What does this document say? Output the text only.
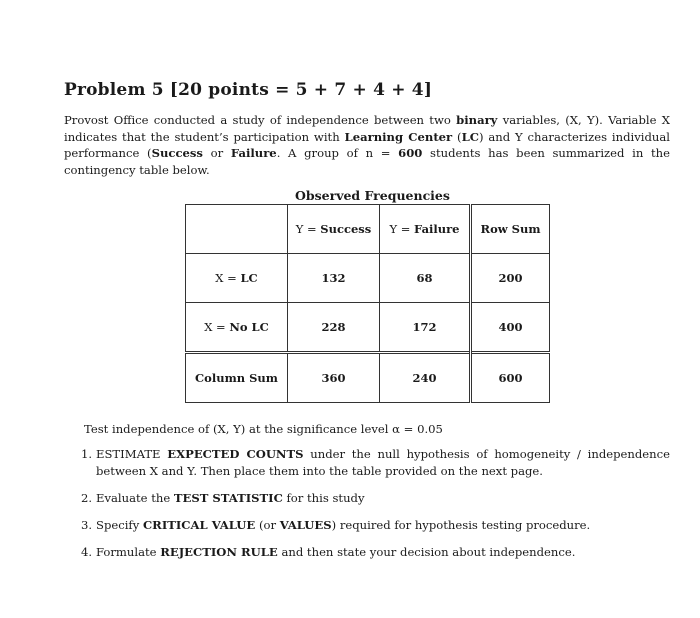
Problem 5 [20 points = 5 + 7 + 4 + 4]
Provost Office conducted a study of independence between two binary variables, (X, Y). Variable X indicates that the student’s participation with Learning Center (LC) and Y characterizes individual performance (Success or Failure. A group of n = 600 students has been summarized in the contingency table below.
Observed Frequencies
	Y = Success	Y = Failure	Row Sum
X = LC	132	68	200
X = No LC	228	172	400
Column Sum	360	240	600
Test independence of (X, Y) at the significance level α = 0.05
1. ESTIMATE EXPECTED COUNTS under the null hypothesis of homogeneity / independence between X and Y. Then place them into the table provided on the next page.
2. Evaluate the TEST STATISTIC for this study
3. Specify CRITICAL VALUE (or VALUES) required for hypothesis testing procedure.
4. Formulate REJECTION RULE and then state your decision about independence.
